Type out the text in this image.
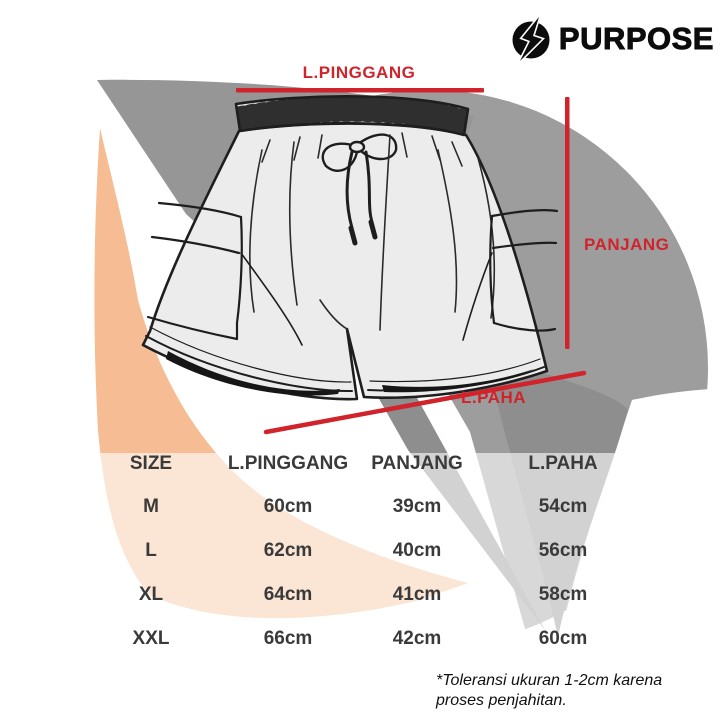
PURPOSE
L.PINGGANG
PANJANG
L.PAHA
SIZE	L.PINGGANG	PANJANG	L.PAHA
M	60cm	39cm	54cm
L	62cm	40cm	56cm
XL	64cm	41cm	58cm
XXL	66cm	42cm	60cm
*Toleransi ukuran 1-2cm karena
proses penjahitan.
